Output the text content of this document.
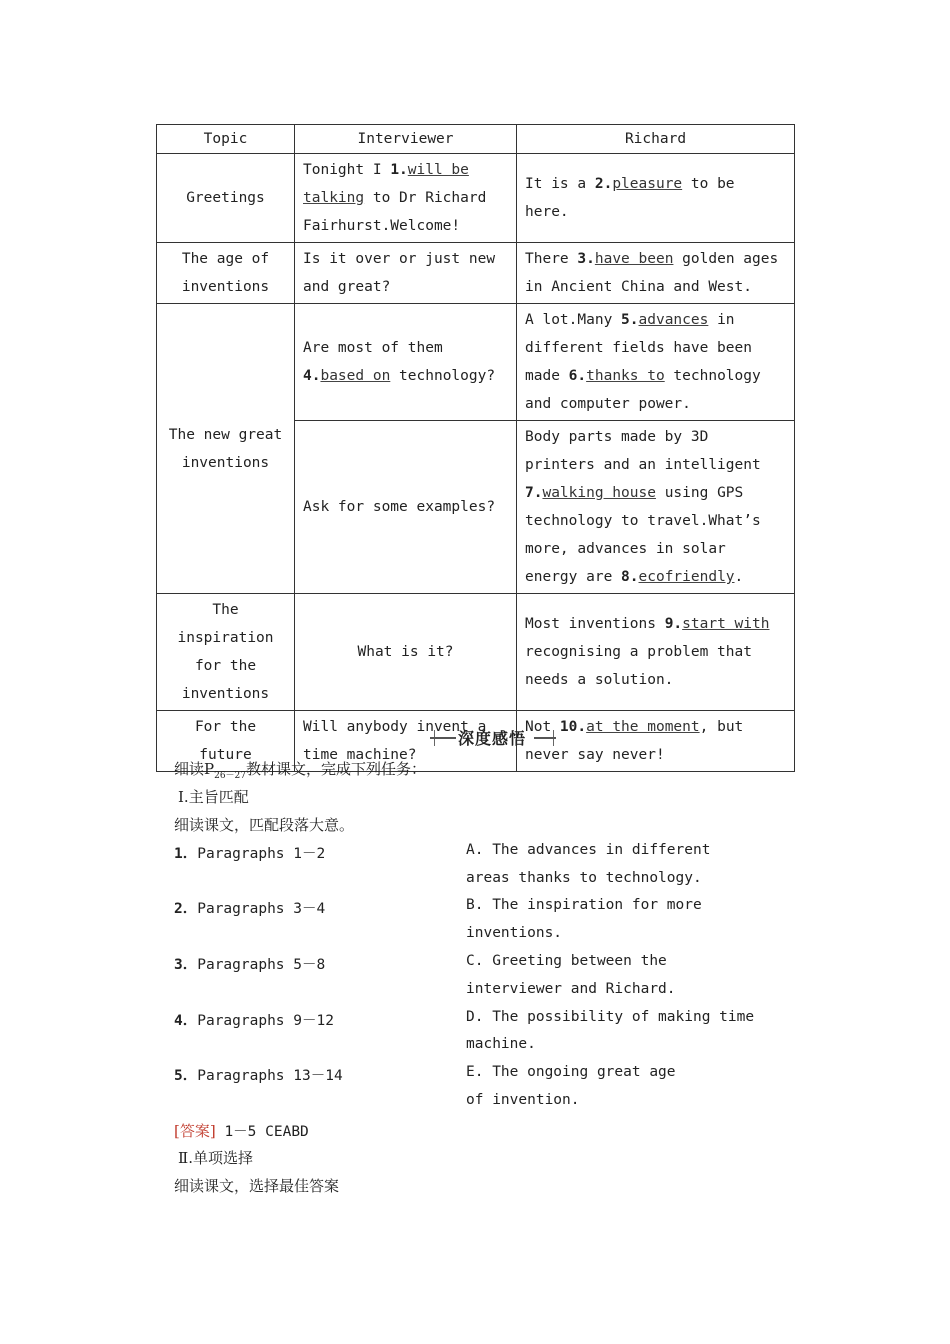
Topic	Interviewer	Richard
Greetings	Tonight I 1.will be talking to Dr Richard Fairhurst.Welcome!	It is a 2.pleasure to be here.
The age of inventions	Is it over or just new and great?	There 3.have been golden ages in Ancient China and West.
The new great inventions	Are most of them 4.based on technology?	A lot.Many 5.advances in different fields have been made 6.thanks to technology and computer power.
	Ask for some examples?	Body parts made by 3D printers and an intelligent 7.walking house using GPS technology to travel.What’s more, advances in solar energy are 8.ecofriendly.
The inspiration for the inventions	What is it?	Most inventions 9.start with recognising a problem that needs a solution.
For the future	Will anybody invent a time machine?	Not 10.at the moment, but never say never!
深度感悟
细读$P_{26-27}$教材课文，完成下列任务：
Ⅰ.主旨匹配
细读课文，匹配段落大意。
1．Paragraphs 1－2	A. The advances in different
areas thanks to technology.
2．Paragraphs 3－4	B. The inspiration for more
inventions.
3．Paragraphs 5－8	C. Greeting between the
interviewer and Richard.
4．Paragraphs 9－12	D. The possibility of making time
machine.
5．Paragraphs 13－14	E. The ongoing great age
of invention.
[答案] 1－5 CEABD
Ⅱ.单项选择
细读课文，选择最佳答案
